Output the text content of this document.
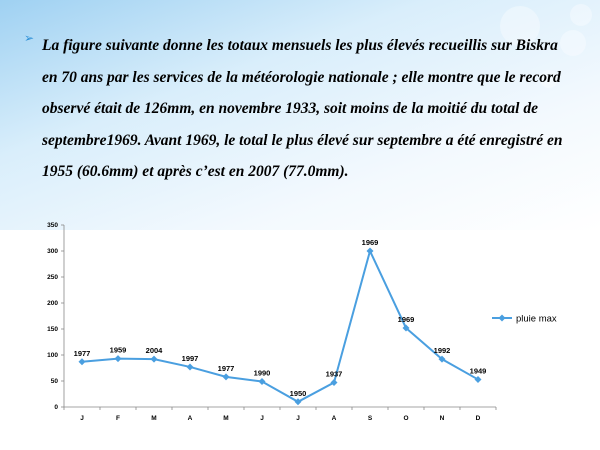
➢ La figure suivante donne les totaux mensuels les plus élevés recueillis sur Biskra en 70 ans par les services de la météorologie nationale ; elle montre que le record observé était de 126mm, en novembre 1933, soit moins de la moitié du total de septembre1969. Avant 1969, le total le plus élevé sur septembre a été enregistré en 1955 (60.6mm) et après c’est en 2007 (77.0mm).

0
50
100
150
200
250
300
350
J	F	M	A	M	J	J	A	S	O	N	D
1977	1959	2004
1997
1977
1990
1950
1937
1969
1969
1992
1949
pluie max
